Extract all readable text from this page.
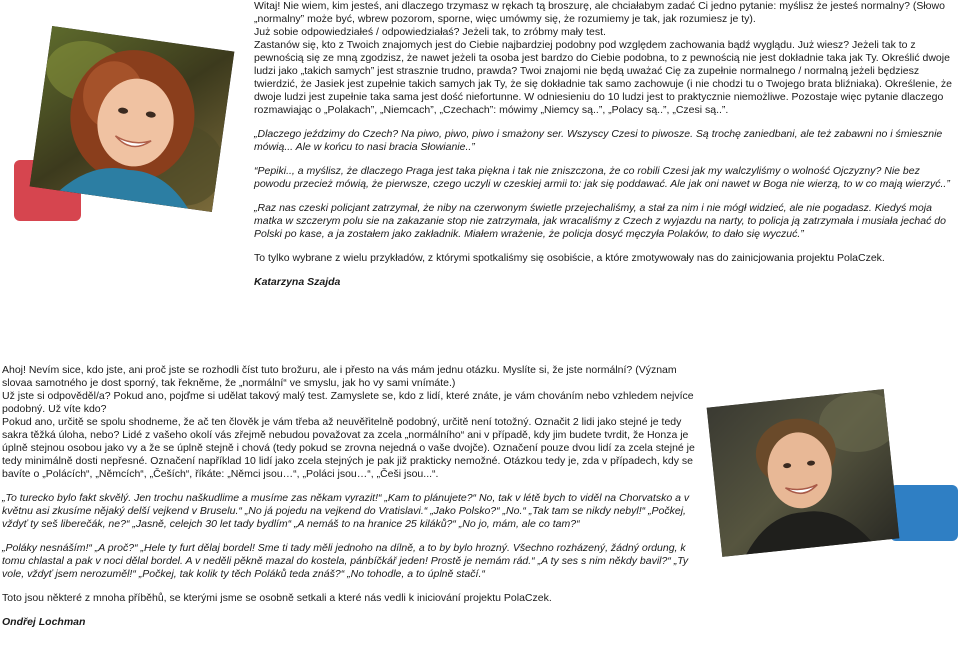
Witaj! Nie wiem, kim jesteś, ani dlaczego trzymasz w rękach tą broszurę, ale chciałabym zadać Ci jedno pytanie: myślisz że jesteś normalny? (Słowo „normalny” może być, wbrew pozorom, sporne, więc umówmy się, że rozumiemy je tak, jak rozumiesz je ty).

Już sobie odpowiedziałeś / odpowiedziałaś? Jeżeli tak, to zróbmy mały test.

Zastanów się, kto z Twoich znajomych jest do Ciebie najbardziej podobny pod względem zachowania bądź wyglądu. Już wiesz? Jeżeli tak to z pewnością się ze mną zgodzisz, że nawet jeżeli ta osoba jest bardzo do Ciebie podobna, to z pewnością nie jest dokładnie taka jak Ty. Określić dwoje ludzi jako „takich samych” jest strasznie trudno, prawda? Twoi znajomi nie będą uważać Cię za zupełnie normalnego / normalną jeżeli będziesz twierdzić, że Jasiek jest zupełnie takich samych jak Ty, że się dokładnie tak samo zachowuje (i nie chodzi tu o Twojego brata bliźniaka). Określenie, że dwoje ludzi jest zupełnie taka sama jest dość niefortunne. W odniesieniu do 10 ludzi jest to praktycznie niemożliwe. Pozostaje więc pytanie dlaczego rozmawiając o „Polakach”, „Niemcach”, „Czechach”: mówimy „Niemcy są..”, „Polacy są..”, „Czesi są..”.

„Dlaczego jeździmy do Czech? Na piwo, piwo, piwo i smażony ser. Wszyscy Czesi to piwosze. Są trochę zaniedbani, ale też zabawni no i śmiesznie mówią... Ale w końcu to nasi bracia Słowianie..”

“Pepiki.., a myślisz, że dlaczego Praga jest taka piękna i tak nie zniszczona, że co robili Czesi jak my walczyliśmy o wolność Ojczyzny? Nie bez powodu przecież mówią, że pierwsze, czego uczyli w czeskiej armii to: jak się poddawać. Ale jak oni nawet w Boga nie wierzą, to w co mają wierzyć..”

„Raz nas czeski policjant zatrzymał, że niby na czerwonym świetle przejechaliśmy, a stał za nim i nie mógł widzieć, ale nie pogadasz. Kiedyś moja matka w szczerym polu sie na zakazanie stop nie zatrzymała, jak wracaliśmy z Czech z wyjazdu na narty, to policja ją zatrzymała i musiała jechać do Polski po kase, a ja zostałem jako zakładnik. Miałem wrażenie, że policja dosyć męczyła Polaków, to dało się wyczuć.”

To tylko wybrane z wielu przykładów, z którymi spotkaliśmy się osobiście, a które zmotywowały nas do zainicjowania projektu PolaCzek.

Katarzyna Szajda

Ahoj! Nevím sice, kdo jste, ani proč jste se rozhodli číst tuto brožuru, ale i přesto na vás mám jednu otázku. Myslíte si, že jste normální? (Význam slovaa samotného je dost sporný, tak řekněme, že „normální“ ve smyslu, jak ho vy sami vnímáte.)

Už jste si odpověděl/a? Pokud ano, pojďme si udělat takový malý test. Zamyslete se, kdo z lidí, které znáte, je vám chováním nebo vzhledem nejvíce podobný. Už víte kdo?

Pokud ano, určitě se spolu shodneme, že ač ten člověk je vám třeba až neuvěřitelně podobný, určitě není totožný. Označit 2 lidi jako stejné je tedy sakra těžká úloha, nebo? Lidé z vašeho okolí vás zřejmě nebudou považovat za zcela „normálního“ ani v případě, kdy jim budete tvrdit, že Honza je úplně stejnou osobou jako vy a že se úplně stejně i chová (tedy pokud se zrovna nejedná o vaše dvojče). Označení pouze dvou lidí za zcela stejné je tedy minimálně dosti nepřesné. Označení například 10 lidí jako zcela stejných je pak již prakticky nemožné. Otázkou tedy je, zda v případech, kdy se bavíte o „Polácích“, „Němcích“, „Češích“, říkáte: „Němci jsou…“, „Poláci jsou…“, „Češi jsou...“.

„To turecko bylo fakt skvělý. Jen trochu naškudlime a musíme zas někam vyrazit!“ „Kam to plánujete?“ No, tak v létě bych to viděl na Chorvatsko a v květnu asi zkusíme nějaký delší vejkend v Bruselu.“ „No já pojedu na vejkend do Vratislavi.“ „Jako Polsko?“ „No.“ „Tak tam se nikdy nebyl!“ „Počkej, vždyť ty seš liberečák, ne?“ „Jasně, celejch 30 let tady bydlím“ „A nemáš to na hranice 25 kiláků?“ „No jo, mám, ale co tam?“

„Poláky nesnáším!“ „A proč?“ „Hele ty furt dělaj bordel! Sme ti tady měli jednoho na dílně, a to by bylo hrozný. Všechno rozházený, žádný ordung, k tomu chlastal a pak v noci dělal bordel. A v neděli pěkně mazal do kostela, pánbíčkář jeden! Prostě je nemám rád.“ „A ty ses s nim někdy bavil?“ „Ty vole, vždyť jsem nerozuměl!“ „Počkej, tak kolik ty těch Poláků teda znáš?“ „No tohodle, a to úplně stačí.“

Toto jsou některé z mnoha příběhů, se kterými jsme se osobně setkali a které nás vedli k iniciování projektu PolaCzek.

Ondřej Lochman
